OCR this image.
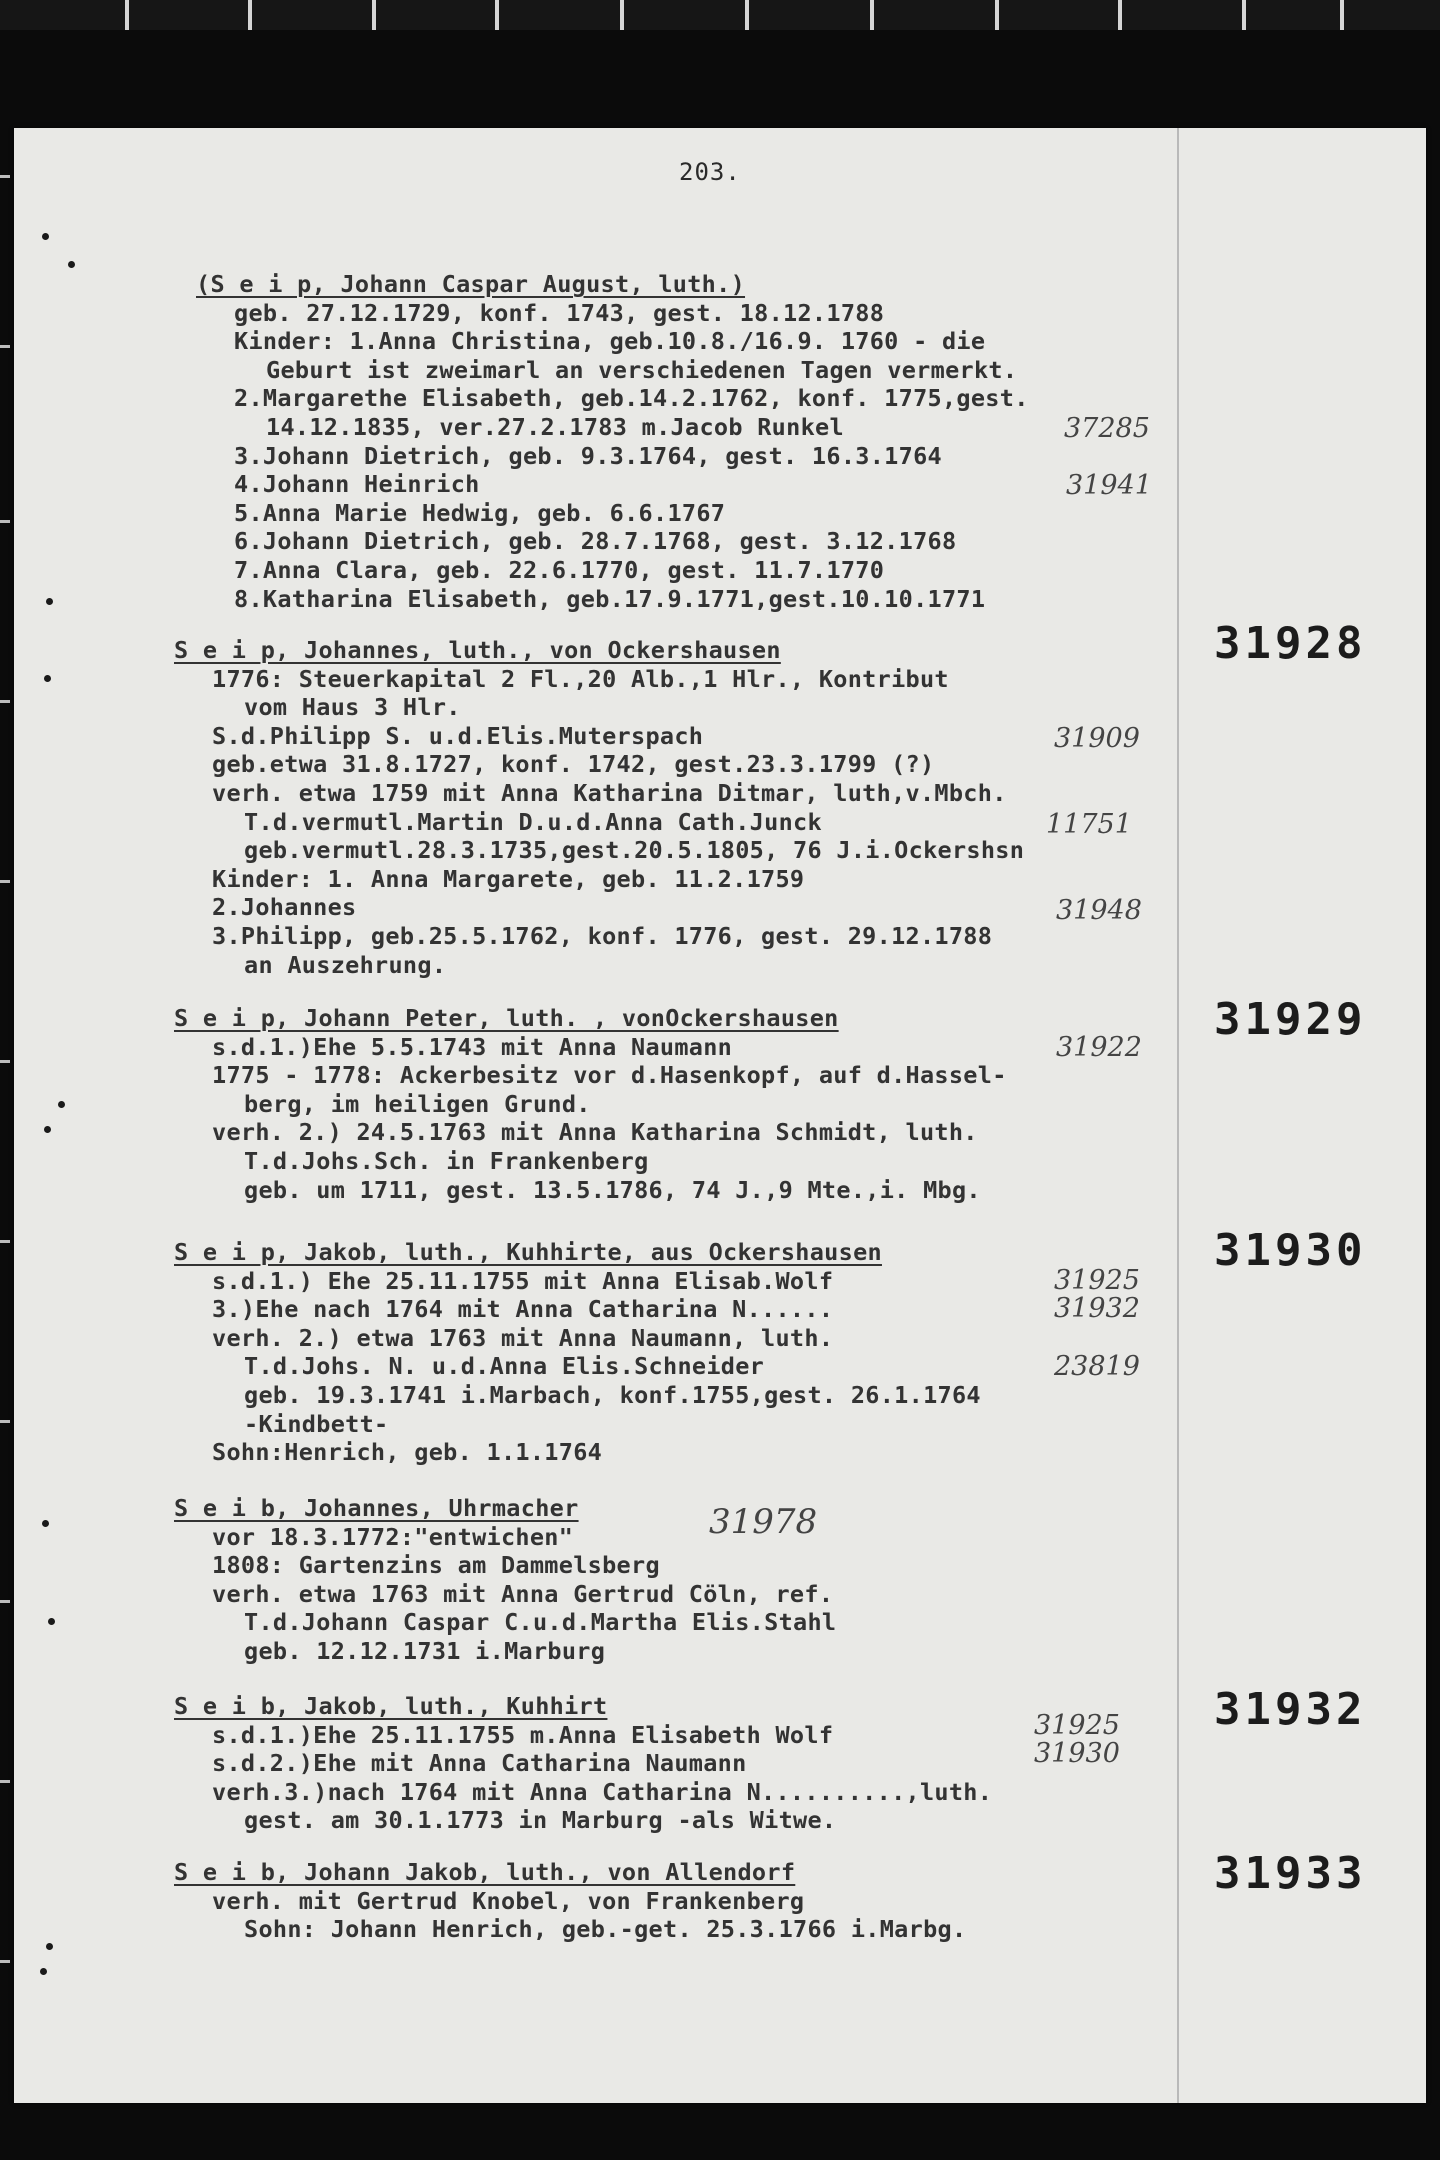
203.
(S e i p, Johann Caspar August, luth.)
geb. 27.12.1729, konf. 1743, gest. 18.12.1788
Kinder: 1.Anna Christina, geb.10.8./16.9. 1760 - die
Geburt ist zweimarl an verschiedenen Tagen vermerkt.
2.Margarethe Elisabeth, geb.14.2.1762, konf. 1775,gest.
14.12.1835, ver.27.2.1783 m.Jacob Runkel
3.Johann Dietrich, geb. 9.3.1764, gest. 16.3.1764
4.Johann Heinrich
5.Anna Marie Hedwig, geb. 6.6.1767
6.Johann Dietrich, geb. 28.7.1768, gest. 3.12.1768
7.Anna Clara, geb. 22.6.1770, gest. 11.7.1770
8.Katharina Elisabeth, geb.17.9.1771,gest.10.10.1771
37285
31941
31928
S e i p, Johannes, luth., von Ockershausen
1776: Steuerkapital 2 Fl.,20 Alb.,1 Hlr., Kontribut
vom Haus 3 Hlr.
S.d.Philipp S. u.d.Elis.Muterspach
geb.etwa 31.8.1727, konf. 1742, gest.23.3.1799 (?)
verh. etwa 1759 mit Anna Katharina Ditmar, luth,v.Mbch.
T.d.vermutl.Martin D.u.d.Anna Cath.Junck
geb.vermutl.28.3.1735,gest.20.5.1805, 76 J.i.Ockershsn
Kinder: 1. Anna Margarete, geb. 11.2.1759
2.Johannes
3.Philipp, geb.25.5.1762, konf. 1776, gest. 29.12.1788
an Auszehrung.
31909
11751
31948
31929
S e i p, Johann Peter, luth. , vonOckershausen
s.d.1.)Ehe 5.5.1743 mit Anna Naumann
1775 - 1778: Ackerbesitz vor d.Hasenkopf, auf d.Hassel-
berg, im heiligen Grund.
verh. 2.) 24.5.1763 mit Anna Katharina Schmidt, luth.
T.d.Johs.Sch. in Frankenberg
geb. um 1711, gest. 13.5.1786, 74 J.,9 Mte.,i. Mbg.
31922
31930
S e i p, Jakob, luth., Kuhhirte, aus Ockershausen
s.d.1.) Ehe 25.11.1755 mit Anna Elisab.Wolf
3.)Ehe nach 1764 mit Anna Catharina N......
verh. 2.) etwa 1763 mit Anna Naumann, luth.
T.d.Johs. N. u.d.Anna Elis.Schneider
geb. 19.3.1741 i.Marbach, konf.1755,gest. 26.1.1764
-Kindbett-
Sohn:Henrich, geb. 1.1.1764
31925
31932
23819
S e i b, Johannes, Uhrmacher
vor 18.3.1772:"entwichen"
1808: Gartenzins am Dammelsberg
verh. etwa 1763 mit Anna Gertrud Cöln, ref.
T.d.Johann Caspar C.u.d.Martha Elis.Stahl
geb. 12.12.1731 i.Marburg
31978
31932
S e i b, Jakob, luth., Kuhhirt
s.d.1.)Ehe 25.11.1755 m.Anna Elisabeth Wolf
s.d.2.)Ehe mit Anna Catharina Naumann
verh.3.)nach 1764 mit Anna Catharina N..........,luth.
gest. am 30.1.1773 in Marburg -als Witwe.
31925
31930
31933
S e i b, Johann Jakob, luth., von Allendorf
verh. mit Gertrud Knobel, von Frankenberg
Sohn: Johann Henrich, geb.-get. 25.3.1766 i.Marbg.
